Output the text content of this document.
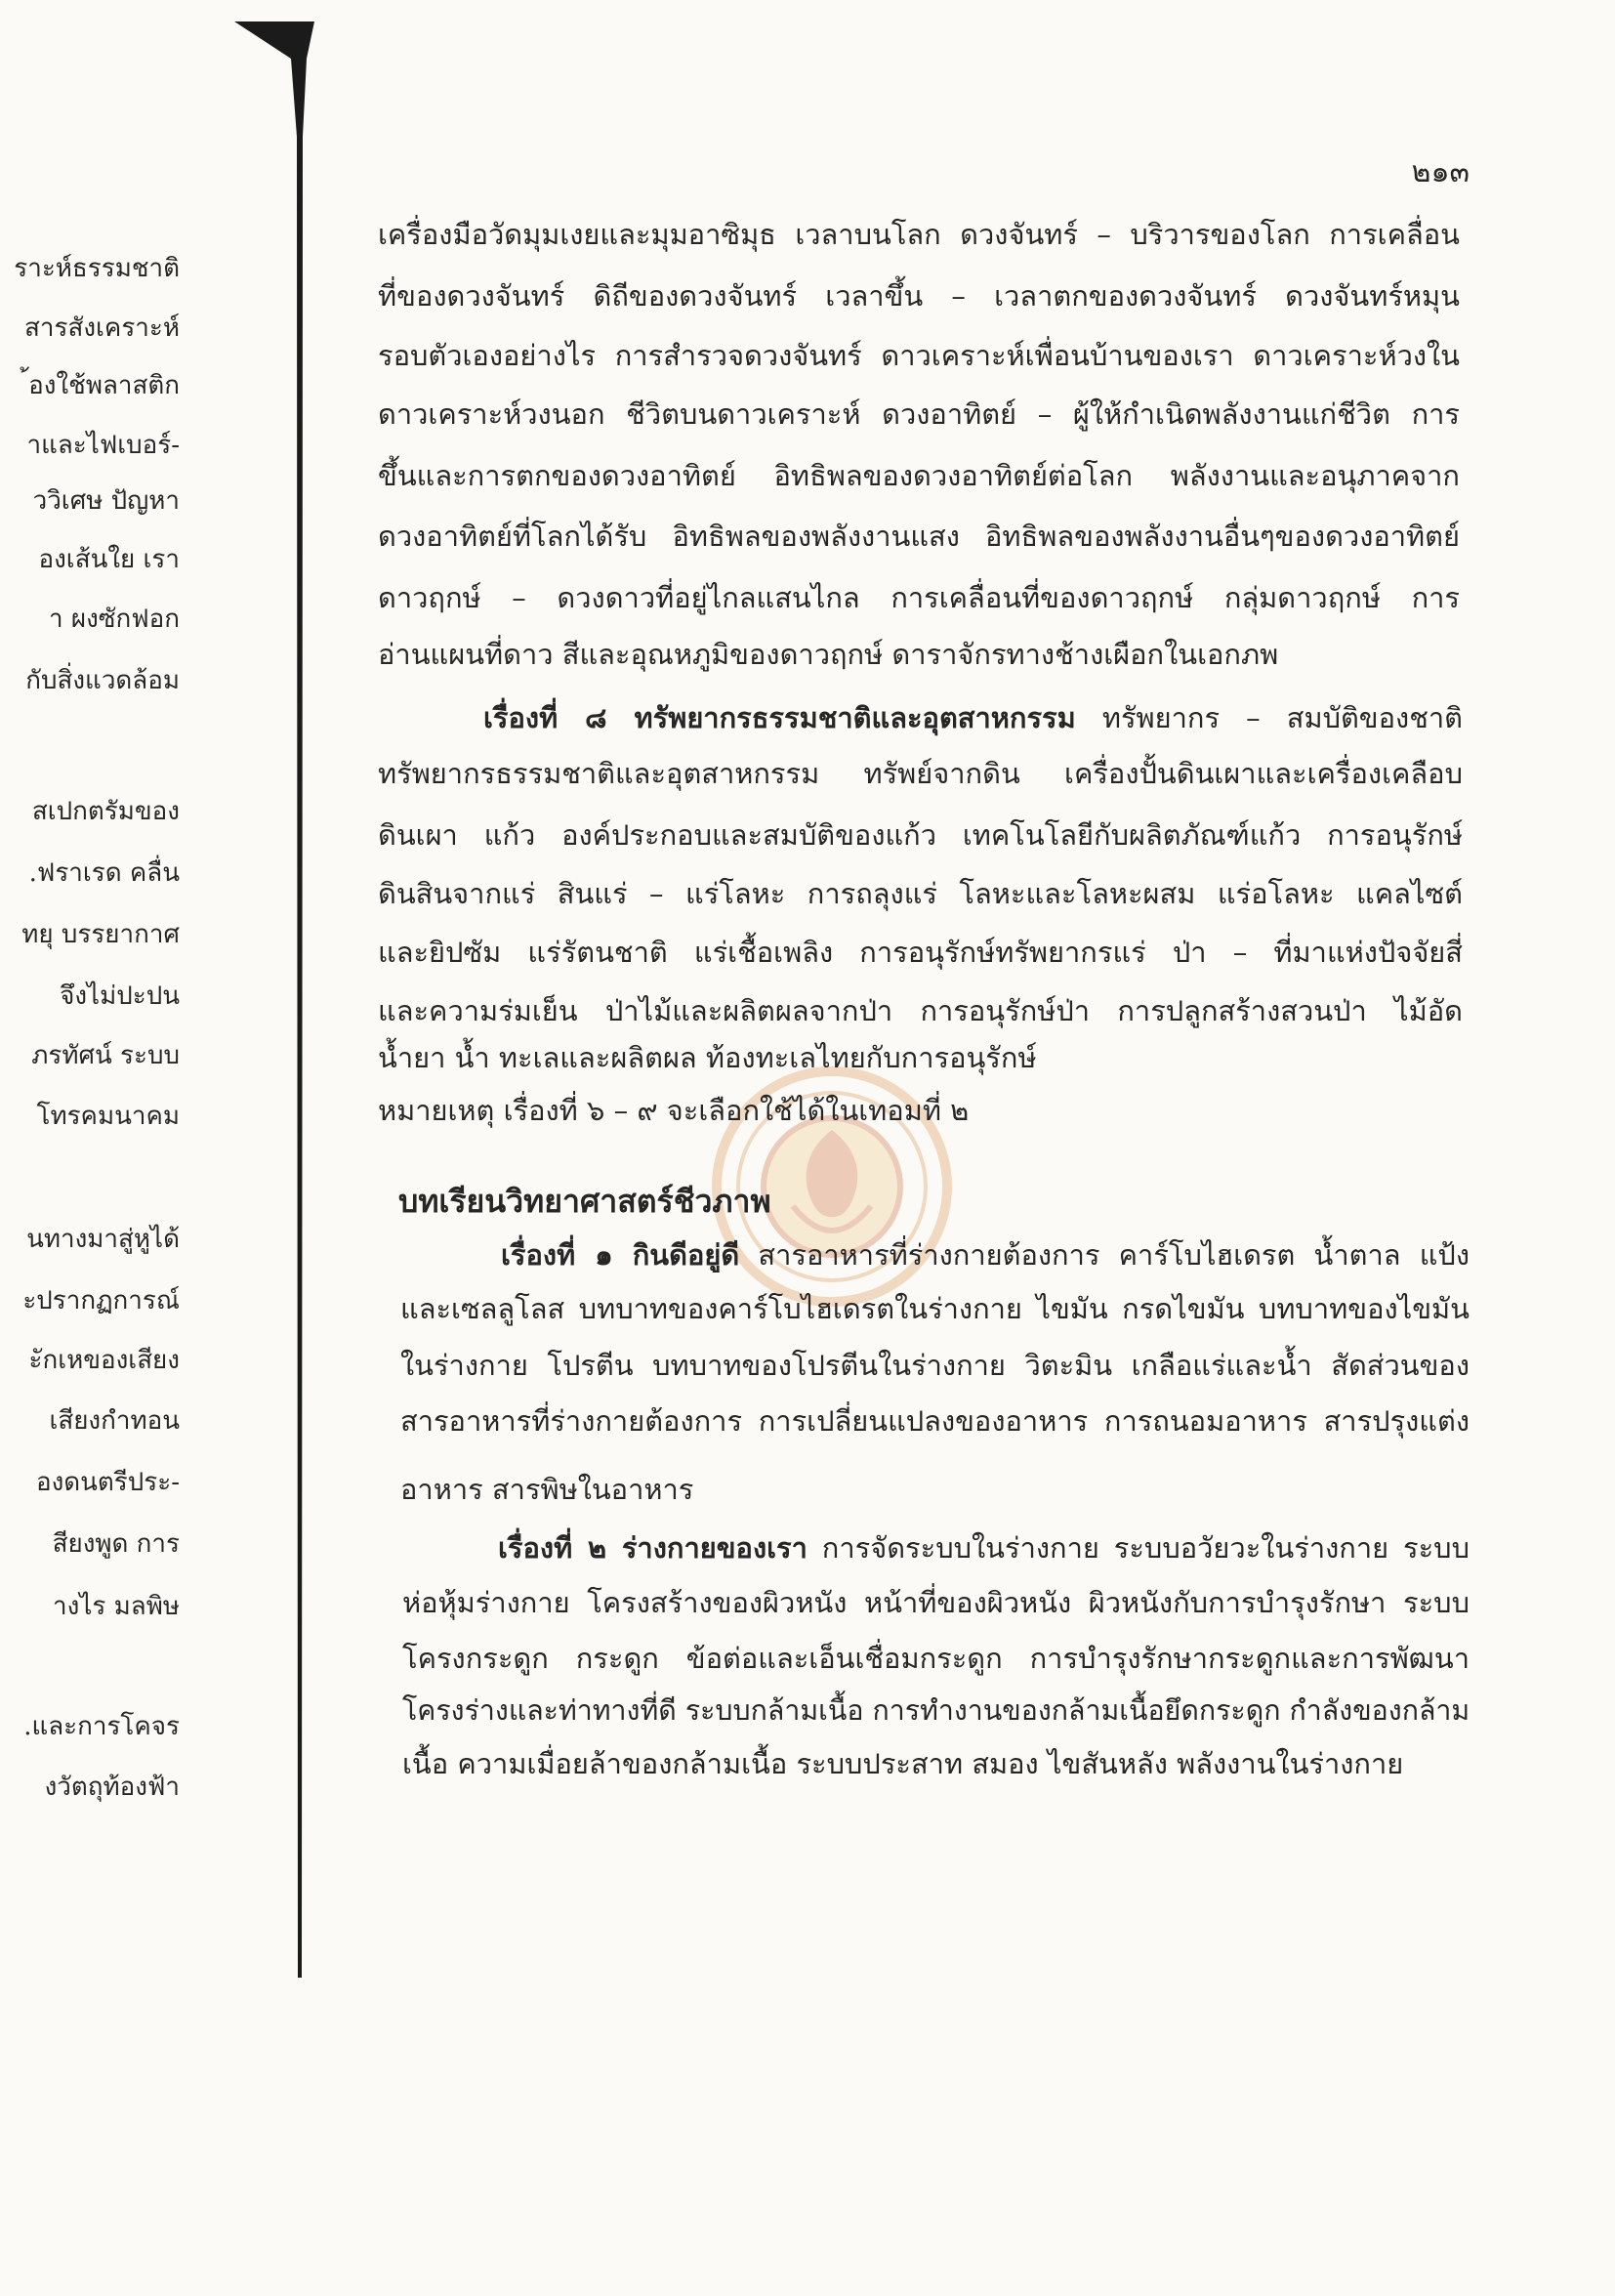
ราะห์ธรรมชาติ
สารสังเคราะห์
้องใช้พลาสติก
าและไฟเบอร์-
ววิเศษ ปัญหา
องเส้นใย เรา
า ผงซักฟอก
กับสิ่งแวดล้อม
สเปกตรัมของ
.ฟราเรด คลื่น
ทยุ บรรยากาศ
จึงไม่ปะปน
ภรทัศน์ ระบบ
โทรคมนาคม
นทางมาสู่หูได้
ะปรากฏการณ์
ะักเหของเสียง
เสียงกำทอน
องดนตรีประ-
สียงพูด การ
างไร มลพิษ
.และการโคจร
งวัตถุท้องฟ้า
๒๑๓
เครื่องมือวัดมุมเงยและมุมอาซิมุธ เวลาบนโลก ดวงจันทร์ – บริวารของโลก การเคลื่อน
ที่ของดวงจันทร์ ดิถีของดวงจันทร์ เวลาขึ้น – เวลาตกของดวงจันทร์ ดวงจันทร์หมุน
รอบตัวเองอย่างไร การสำรวจดวงจันทร์ ดาวเคราะห์เพื่อนบ้านของเรา ดาวเคราะห์วงใน
ดาวเคราะห์วงนอก ชีวิตบนดาวเคราะห์ ดวงอาทิตย์ – ผู้ให้กำเนิดพลังงานแก่ชีวิต การ
ขึ้นและการตกของดวงอาทิตย์ อิทธิพลของดวงอาทิตย์ต่อโลก พลังงานและอนุภาคจาก
ดวงอาทิตย์ที่โลกได้รับ อิทธิพลของพลังงานแสง อิทธิพลของพลังงานอื่นๆของดวงอาทิตย์
ดาวฤกษ์ – ดวงดาวที่อยู่ไกลแสนไกล การเคลื่อนที่ของดาวฤกษ์ กลุ่มดาวฤกษ์ การ
อ่านแผนที่ดาว สีและอุณหภูมิของดาวฤกษ์ ดาราจักรทางช้างเผือกในเอกภพ
เรื่องที่ ๘ ทรัพยากรธรรมชาติและอุตสาหกรรม ทรัพยากร – สมบัติของชาติ
ทรัพยากรธรรมชาติและอุตสาหกรรม ทรัพย์จากดิน เครื่องปั้นดินเผาและเครื่องเคลือบ
ดินเผา แก้ว องค์ประกอบและสมบัติของแก้ว เทคโนโลยีกับผลิตภัณฑ์แก้ว การอนุรักษ์
ดินสินจากแร่ สินแร่ – แร่โลหะ การถลุงแร่ โลหะและโลหะผสม แร่อโลหะ แคลไซต์
และยิปซัม แร่รัตนชาติ แร่เชื้อเพลิง การอนุรักษ์ทรัพยากรแร่ ป่า – ที่มาแห่งปัจจัยสี่
และความร่มเย็น ป่าไม้และผลิตผลจากป่า การอนุรักษ์ป่า การปลูกสร้างสวนป่า ไม้อัด
น้ำยา น้ำ ทะเลและผลิตผล ท้องทะเลไทยกับการอนุรักษ์
หมายเหตุ เรื่องที่ ๖ – ๙ จะเลือกใช้ได้ในเทอมที่ ๒
บทเรียนวิทยาศาสตร์ชีวภาพ
เรื่องที่ ๑ กินดีอยู่ดี สารอาหารที่ร่างกายต้องการ คาร์โบไฮเดรต น้ำตาล แป้ง
และเซลลูโลส บทบาทของคาร์โบไฮเดรตในร่างกาย ไขมัน กรดไขมัน บทบาทของไขมัน
ในร่างกาย โปรตีน บทบาทของโปรตีนในร่างกาย วิตะมิน เกลือแร่และน้ำ สัดส่วนของ
สารอาหารที่ร่างกายต้องการ การเปลี่ยนแปลงของอาหาร การถนอมอาหาร สารปรุงแต่ง
อาหาร สารพิษในอาหาร
เรื่องที่ ๒ ร่างกายของเรา การจัดระบบในร่างกาย ระบบอวัยวะในร่างกาย ระบบ
ห่อหุ้มร่างกาย โครงสร้างของผิวหนัง หน้าที่ของผิวหนัง ผิวหนังกับการบำรุงรักษา ระบบ
โครงกระดูก กระดูก ข้อต่อและเอ็นเชื่อมกระดูก การบำรุงรักษากระดูกและการพัฒนา
โครงร่างและท่าทางที่ดี ระบบกล้ามเนื้อ การทำงานของกล้ามเนื้อยึดกระดูก กำลังของกล้าม
เนื้อ ความเมื่อยล้าของกล้ามเนื้อ ระบบประสาท สมอง ไขสันหลัง พลังงานในร่างกาย
